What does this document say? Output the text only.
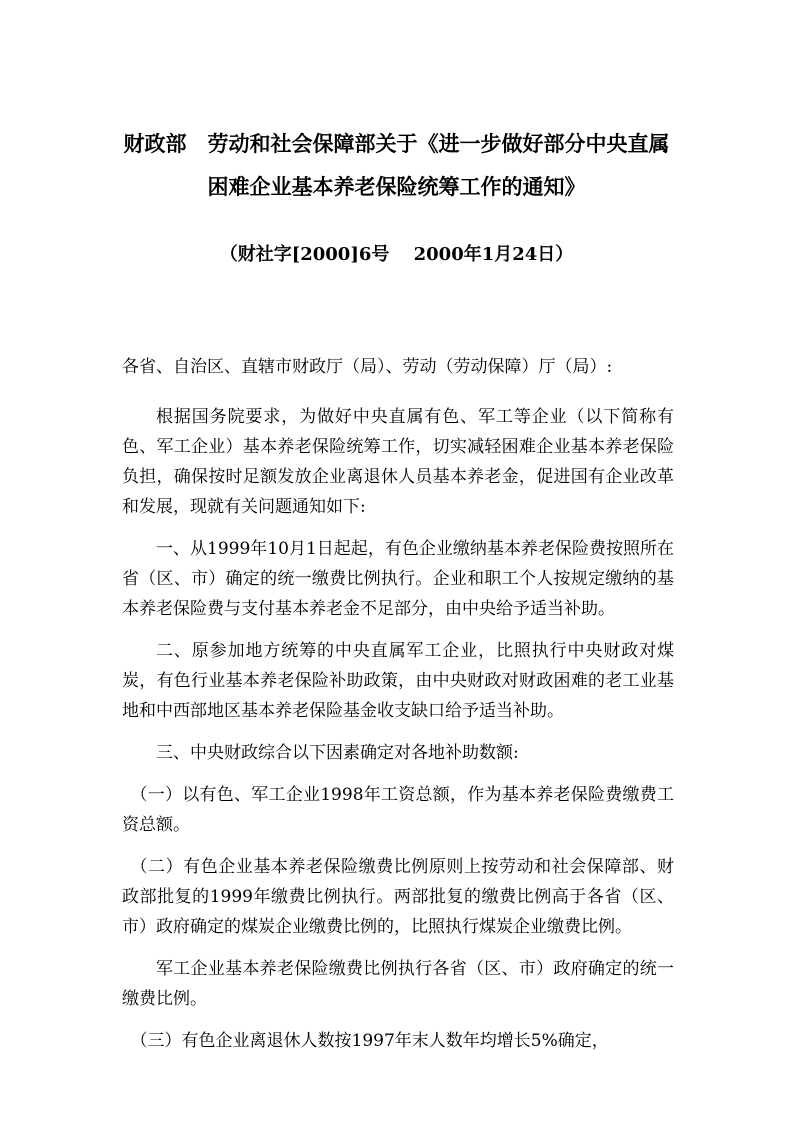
财政部　劳动和社会保障部关于《进一步做好部分中央直属
困难企业基本养老保险统筹工作的通知》
（财社字[2000]6号　 2000年1月24日）

各省、自治区、直辖市财政厅（局）、劳动（劳动保障）厅（局）:

根据国务院要求，为做好中央直属有色、军工等企业（以下简称有色、军工企业）基本养老保险统筹工作，切实减轻困难企业基本养老保险负担，确保按时足额发放企业离退休人员基本养老金，促进国有企业改革和发展，现就有关问题通知如下:

一、从1999年10月1日起起，有色企业缴纳基本养老保险费按照所在省（区、市）确定的统一缴费比例执行。企业和职工个人按规定缴纳的基本养老保险费与支付基本养老金不足部分，由中央给予适当补助。

二、原参加地方统筹的中央直属军工企业，比照执行中央财政对煤炭，有色行业基本养老保险补助政策，由中央财政对财政困难的老工业基地和中西部地区基本养老保险基金收支缺口给予适当补助。

三、中央财政综合以下因素确定对各地补助数额:

（一）以有色、军工企业1998年工资总额，作为基本养老保险费缴费工资总额。

（二）有色企业基本养老保险缴费比例原则上按劳动和社会保障部、财政部批复的1999年缴费比例执行。两部批复的缴费比例高于各省（区、市）政府确定的煤炭企业缴费比例的，比照执行煤炭企业缴费比例。

军工企业基本养老保险缴费比例执行各省（区、市）政府确定的统一缴费比例。

（三）有色企业离退休人数按1997年末人数年均增长5%确定，
